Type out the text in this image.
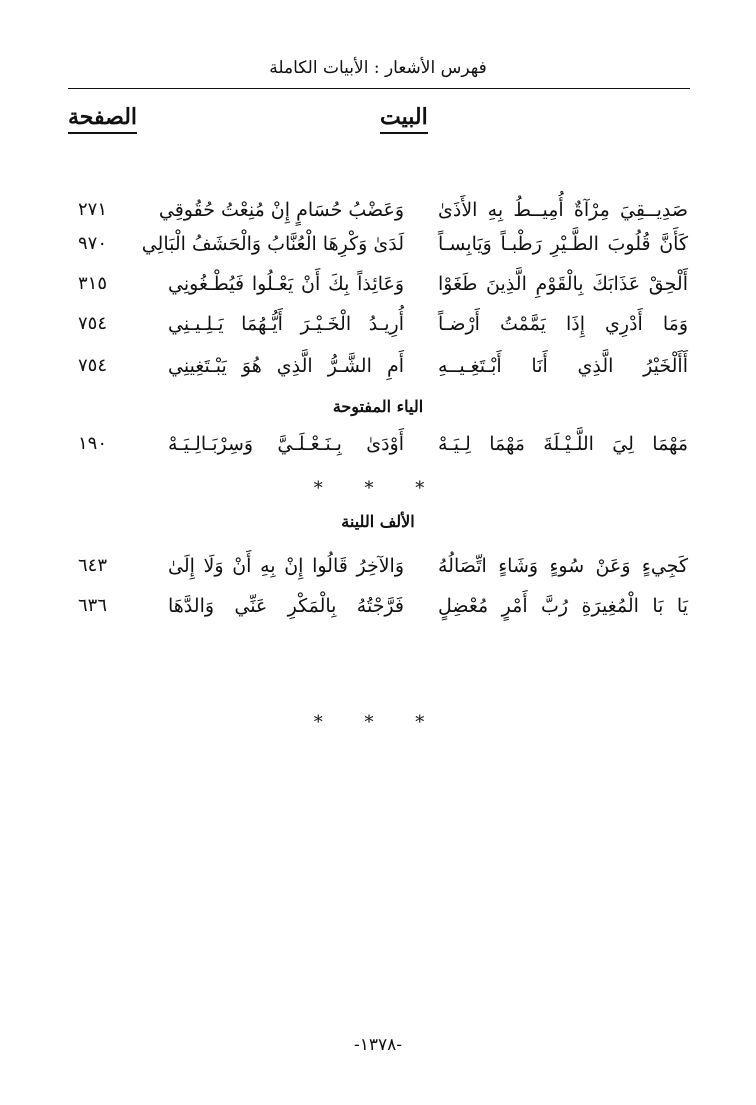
فهرس الأشعار : الأبيات الكاملة
البيت
الصفحة
صَدِيــقِيَ مِرْآةٌ أُمِيــطُ بِهِ الأَذَىٰ
وَعَضْبُ حُسَامٍ إِنْ مُنِعْتُ حُقُوقِي
٢٧١
كَأَنَّ قُلُوبَ الطَّـيْرِ رَطْبـاً وَيَابِسـاً
لَدَىٰ وَكْرِهَا الْعُنَّابُ وَالْحَشَفُ الْبَالِي
٩٧٠
أَلْحِقْ عَذَابَكَ بِالْقَوْمِ الَّذِينَ طَغَوْا
وَعَائِذاً بِكَ أَنْ يَعْـلُوا فَيُطْـغُونِي
٣١٥
وَمَا أَدْرِي إِذَا يَمَّمْتُ أَرْضـاً
أُرِيـدُ الْخَـيْـرَ أَيُّـهُمَا يَـلِـيـنِي
٧٥٤
أَأَلْخَيْرُ الَّذِي أَنَا أَبْـتَغِـيــهِ
أَمِ الشَّـرُّ الَّذِي هُوَ يَبْـتَغِينِي
٧٥٤
الياء المفتوحة
مَهْمَا لِيَ اللَّـيْـلَةَ مَهْمَا لِـيَـهْ
أَوْدَىٰ بِـنَـعْـلَـيَّ وَسِرْبَـالِـيَـهْ
١٩٠
* * *
الألف اللينة
كَجِيءٍ وَعَنْ سُوءٍ وَشَاءٍ اتِّصَالُهُ
وَالآخِرُ قَالُوا إِنْ بِهِ أَنْ وَلَا إِلَىٰ
٦٤٣
يَا بَا الْمُغِيرَةِ رُبَّ أَمْرٍ مُعْضِلٍ
فَرَّجْتُهُ بِالْمَكْرِ عَنِّي وَالدَّهَا
٦٣٦
* * *
-١٣٧٨-
